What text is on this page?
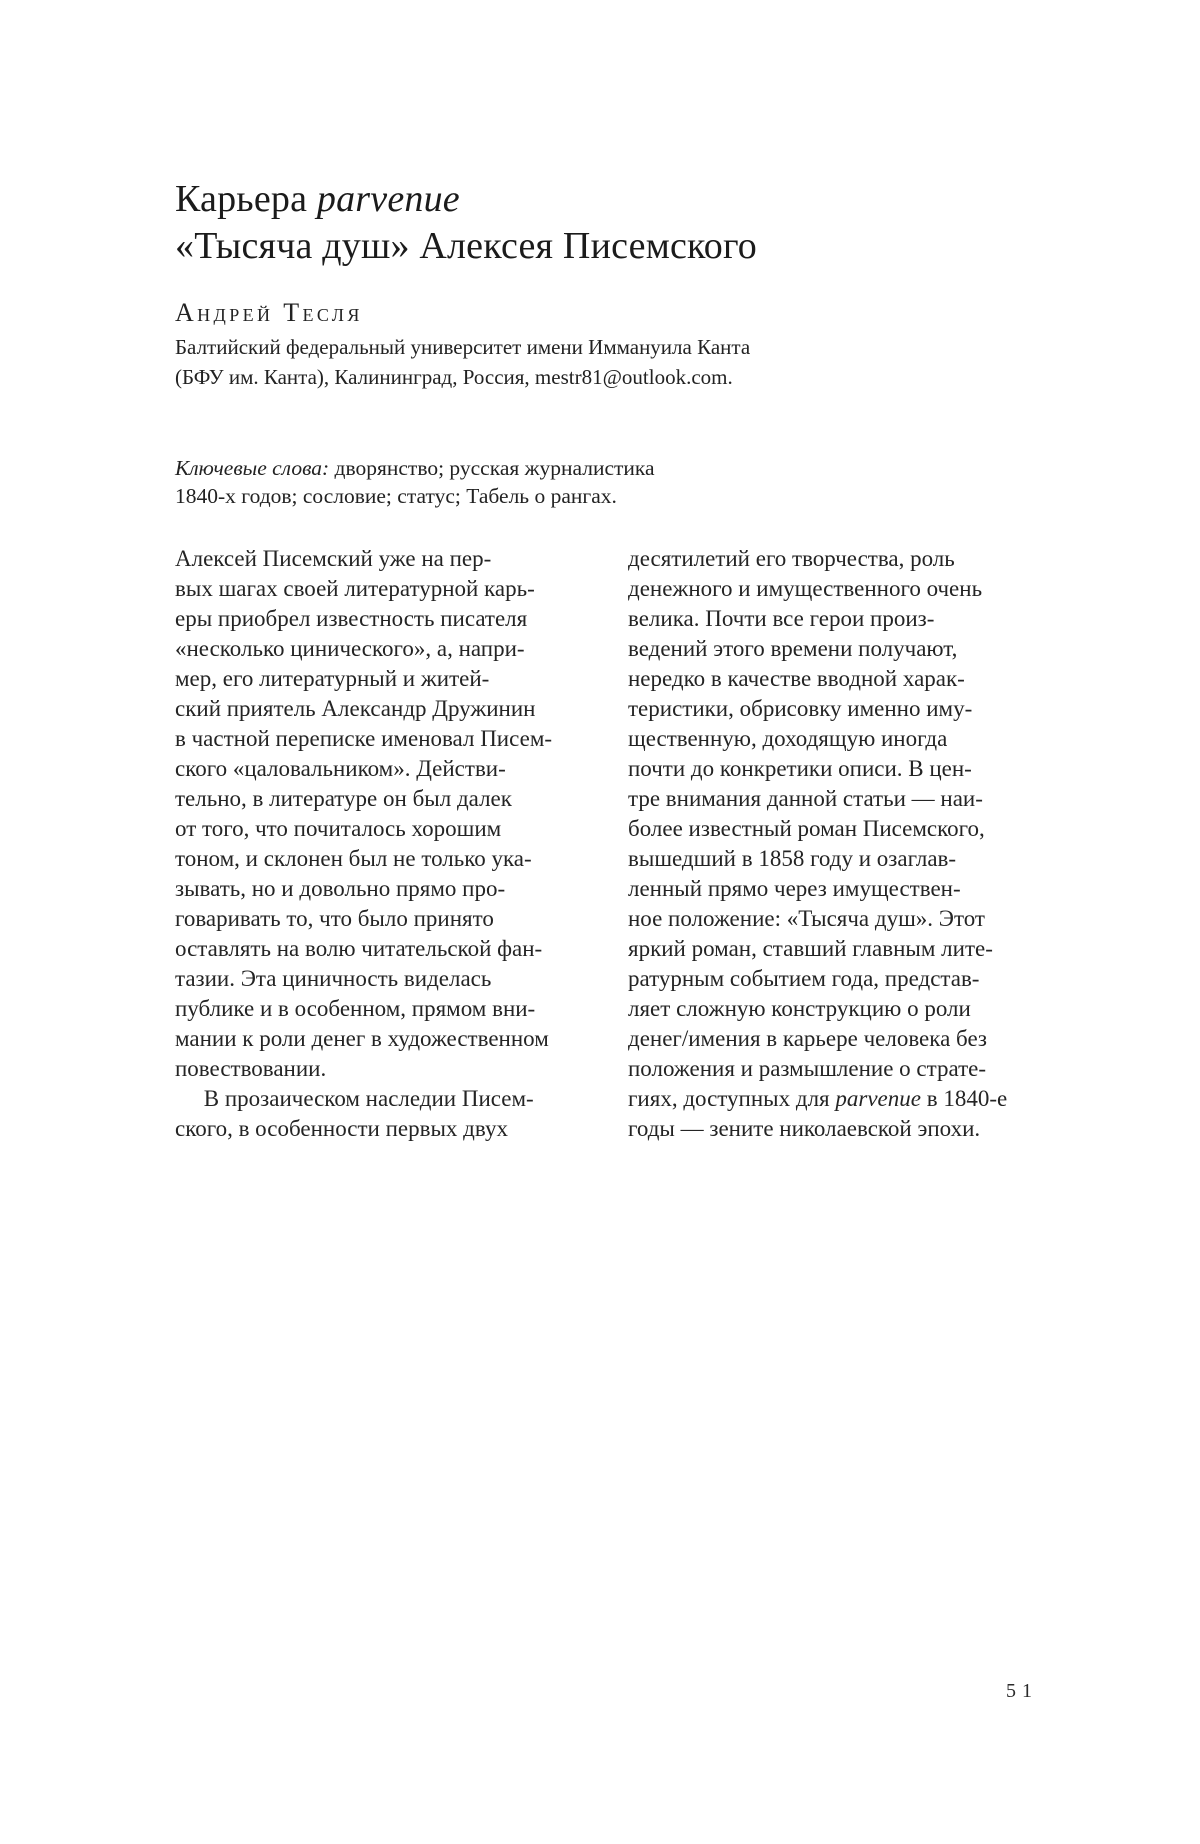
Карьера parvenue
«Тысяча душ» Алексея Писемского
Андрей Тесля
Балтийский федеральный университет имени Иммануила Канта
(БФУ им. Канта), Калининград, Россия, mestr81@outlook.com.
Ключевые слова: дворянство; русская журналистика
1840-х годов; сословие; статус; Табель о рангах.
Алексей Писемский уже на пер-
вых шагах своей литературной карь-
еры приобрел известность писателя
«несколько цинического», а, напри-
мер, его литературный и житей-
ский приятель Александр Дружинин
в частной переписке именовал Писем-
ского «цаловальником». Действи-
тельно, в литературе он был далек
от того, что почиталось хорошим
тоном, и склонен был не только ука-
зывать, но и довольно прямо про-
говаривать то, что было принято
оставлять на волю читательской фан-
тазии. Эта циничность виделась
публике и в особенном, прямом вни-
мании к роли денег в художественном
повествовании.
В прозаическом наследии Писем-
ского, в особенности первых двух
десятилетий его творчества, роль
денежного и имущественного очень
велика. Почти все герои произ-
ведений этого времени получают,
нередко в качестве вводной харак-
теристики, обрисовку именно иму-
щественную, доходящую иногда
почти до конкретики описи. В цен-
тре внимания данной статьи — наи-
более известный роман Писемского,
вышедший в 1858 году и озаглав-
ленный прямо через имуществен-
ное положение: «Тысяча душ». Этот
яркий роман, ставший главным лите-
ратурным событием года, представ-
ляет сложную конструкцию о роли
денег/имения в карьере человека без
положения и размышление о страте-
гиях, доступных для parvenue в 1840-е
годы — зените николаевской эпохи.
51
